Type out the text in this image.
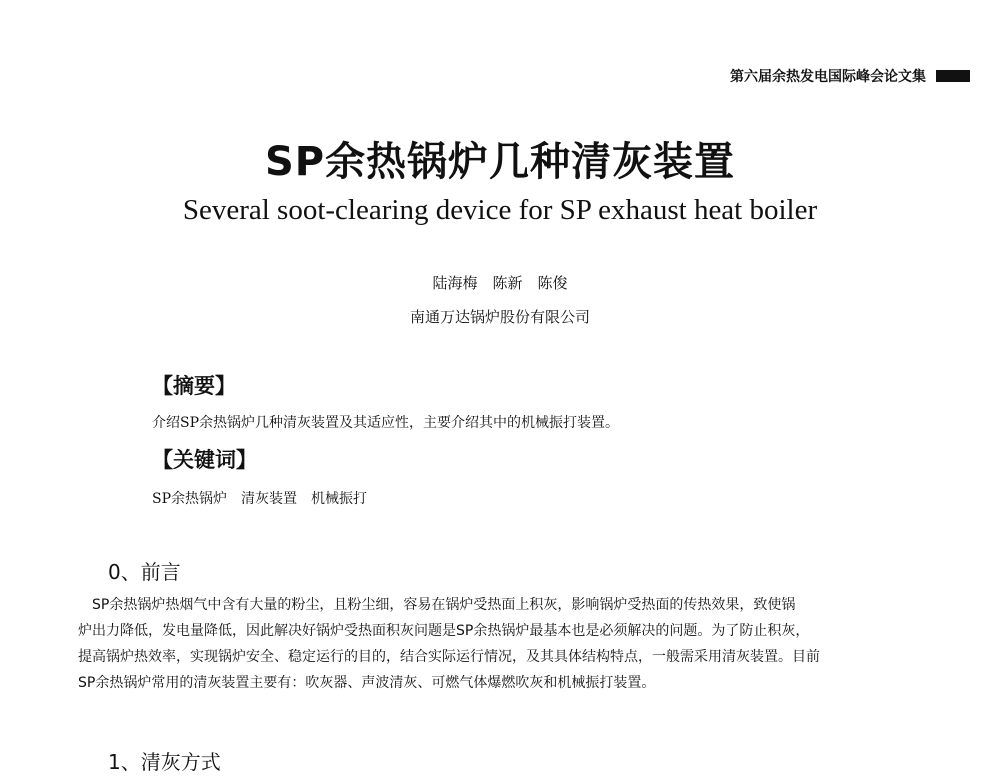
第六届余热发电国际峰会论文集
SP余热锅炉几种清灰装置
Several soot-clearing device for SP exhaust heat boiler
陆海梅　陈新　陈俊
南通万达锅炉股份有限公司
【摘要】
介绍SP余热锅炉几种清灰装置及其适应性，主要介绍其中的机械振打装置。
【关键词】
SP余热锅炉　清灰装置　机械振打
0、前言
　SP余热锅炉热烟气中含有大量的粉尘，且粉尘细，容易在锅炉受热面上积灰，影响锅炉受热面的传热效果，致使锅
炉出力降低，发电量降低，因此解决好锅炉受热面积灰问题是SP余热锅炉最基本也是必须解决的问题。为了防止积灰，
提高锅炉热效率，实现锅炉安全、稳定运行的目的，结合实际运行情况，及其具体结构特点，一般需采用清灰装置。目前
SP余热锅炉常用的清灰装置主要有：吹灰器、声波清灰、可燃气体爆燃吹灰和机械振打装置。
1、清灰方式
